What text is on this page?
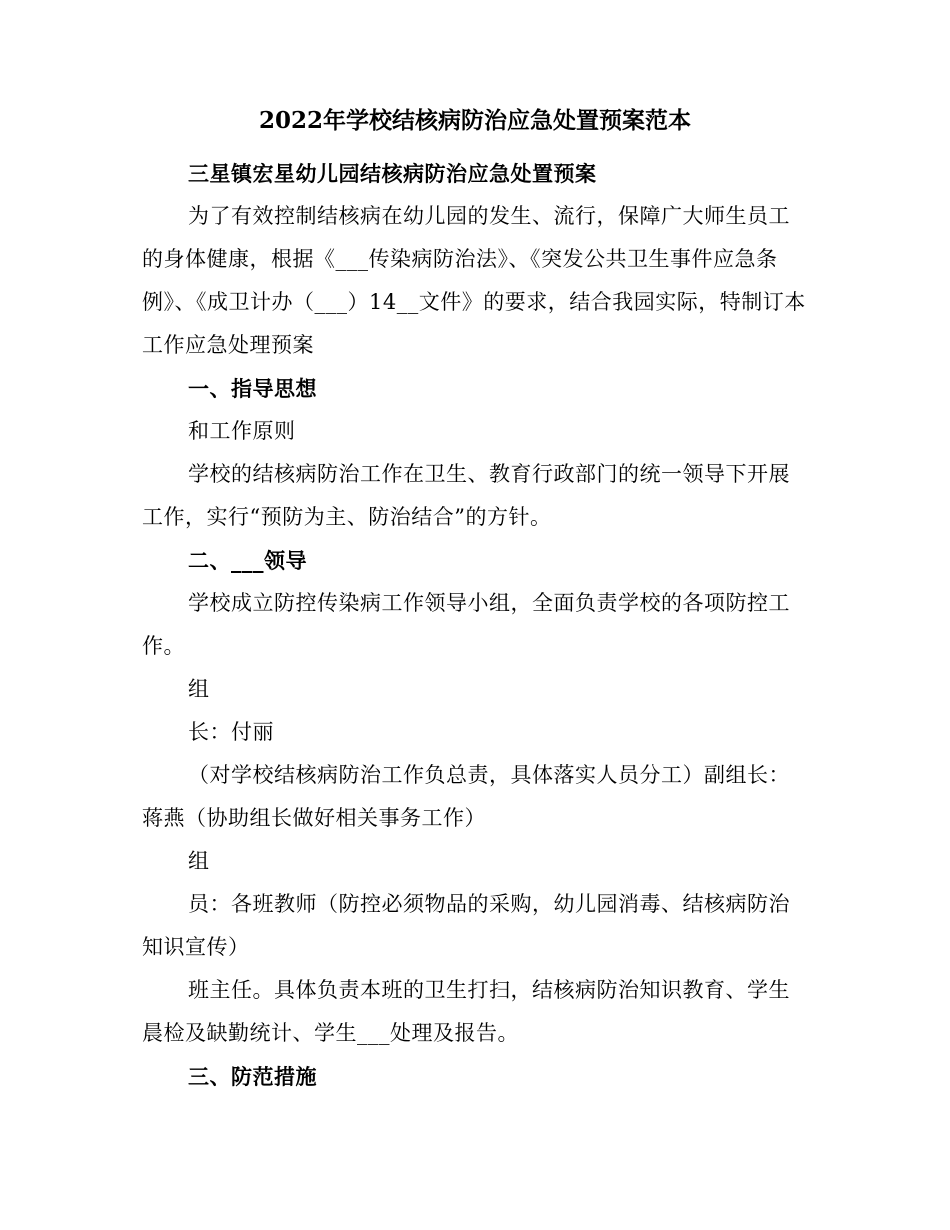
2022年学校结核病防治应急处置预案范本

三星镇宏星幼儿园结核病防治应急处置预案

为了有效控制结核病在幼儿园的发生、流行，保障广大师生员工的身体健康，根据《___传染病防治法》、《突发公共卫生事件应急条例》、《成卫计办（___）14__文件》的要求，结合我园实际，特制订本工作应急处理预案

一、指导思想

和工作原则

学校的结核病防治工作在卫生、教育行政部门的统一领导下开展工作，实行“预防为主、防治结合”的方针。

二、___领导

学校成立防控传染病工作领导小组，全面负责学校的各项防控工作。

组

长：付丽

（对学校结核病防治工作负总责，具体落实人员分工）副组长：蒋燕（协助组长做好相关事务工作）

组

员：各班教师（防控必须物品的采购，幼儿园消毒、结核病防治知识宣传）

班主任。具体负责本班的卫生打扫，结核病防治知识教育、学生晨检及缺勤统计、学生___处理及报告。

三、防范措施
